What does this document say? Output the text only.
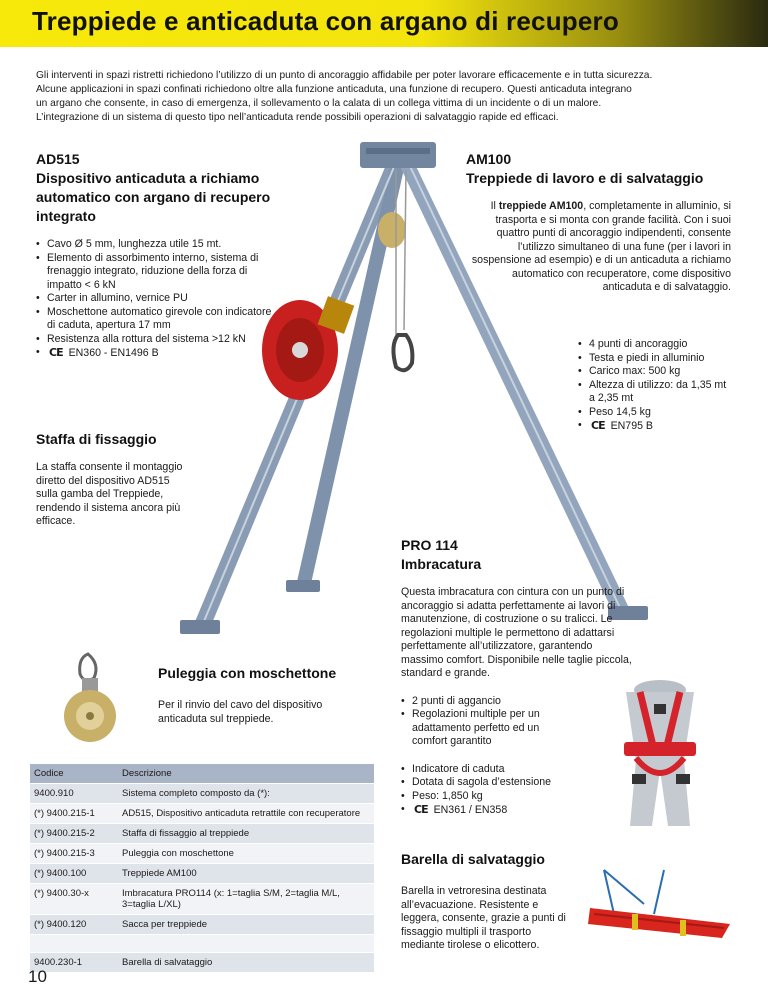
Treppiede e anticaduta con argano di recupero

Gli interventi in spazi ristretti richiedono l’utilizzo di un punto di ancoraggio affidabile per poter lavorare efficacemente e in tutta sicurezza.

Alcune applicazioni in spazi confinati richiedono oltre alla funzione anticaduta, una funzione di recupero. Questi anticaduta integrano

un argano che consente, in caso di emergenza, il sollevamento o la calata di un collega vittima di un incidente o di un malore.

L’integrazione di un sistema di questo tipo nell’anticaduta rende possibili operazioni di salvataggio rapide ed efficaci.

AD515
Dispositivo anticaduta a richiamo automatico con argano di recupero integrato
• Cavo Ø 5 mm, lunghezza utile 15 mt.
• Elemento di assorbimento interno, sistema di frenaggio integrato, riduzione della forza di impatto < 6 kN
• Carter in allumino, vernice PU
• Moschettone automatico girevole con indicatore di caduta, apertura 17 mm
• Resistenza alla rottura del sistema >12 kN
• CE EN360 - EN1496 B
AM100
Treppiede di lavoro e di salvataggio
Il treppiede AM100, completamente in alluminio, si trasporta e si monta con grande facilità. Con i suoi quattro punti di ancoraggio indipendenti, consente l’utilizzo simultaneo di una fune (per i lavori in sospensione ad esempio) e di un anticaduta a richiamo automatico con recuperatore, come dispositivo anticaduta e di salvataggio.
• 4 punti di ancoraggio
• Testa e piedi in alluminio
• Carico max: 500 kg
• Altezza di utilizzo: da 1,35 mt a 2,35 mt
• Peso 14,5 kg
• CE EN795 B
Staffa di fissaggio
La staffa consente il montaggio diretto del dispositivo AD515 sulla gamba del Treppiede, rendendo il sistema ancora più efficace.
PRO 114
Imbracatura
Questa imbracatura con cintura con un punto di ancoraggio si adatta perfettamente ai lavori di manutenzione, di costruzione o su tralicci. Le regolazioni multiple le permettono di adattarsi perfettamente all’utilizzatore, garantendo massimo comfort. Disponibile nelle taglie piccola, standard e grande.
• 2 punti di aggancio
• Regolazioni multiple per un adattamento perfetto ed un comfort garantito
• Indicatore di caduta
• Dotata di sagola d’estensione
• Peso: 1,850 kg
• CE EN361 / EN358
Puleggia con moschettone
Per il rinvio del cavo del dispositivo anticaduta sul treppiede.
Codice	Descrizione
9400.910	Sistema completo composto da (*):
(*) 9400.215-1	AD515, Dispositivo anticaduta retrattile con recuperatore
(*) 9400.215-2	Staffa di fissaggio al treppiede
(*) 9400.215-3	Puleggia con moschettone
(*) 9400.100	Treppiede AM100
(*) 9400.30-x	Imbracatura PRO114 (x: 1=taglia S/M, 2=taglia M/L, 3=taglia L/XL)
(*) 9400.120	Sacca per treppiede

9400.230-1	Barella di salvataggio
Barella di salvataggio
Barella in vetroresina destinata all’evacuazione. Resistente e leggera, consente, grazie a punti di fissaggio multipli il trasporto mediante tirolese o elicottero.
10
